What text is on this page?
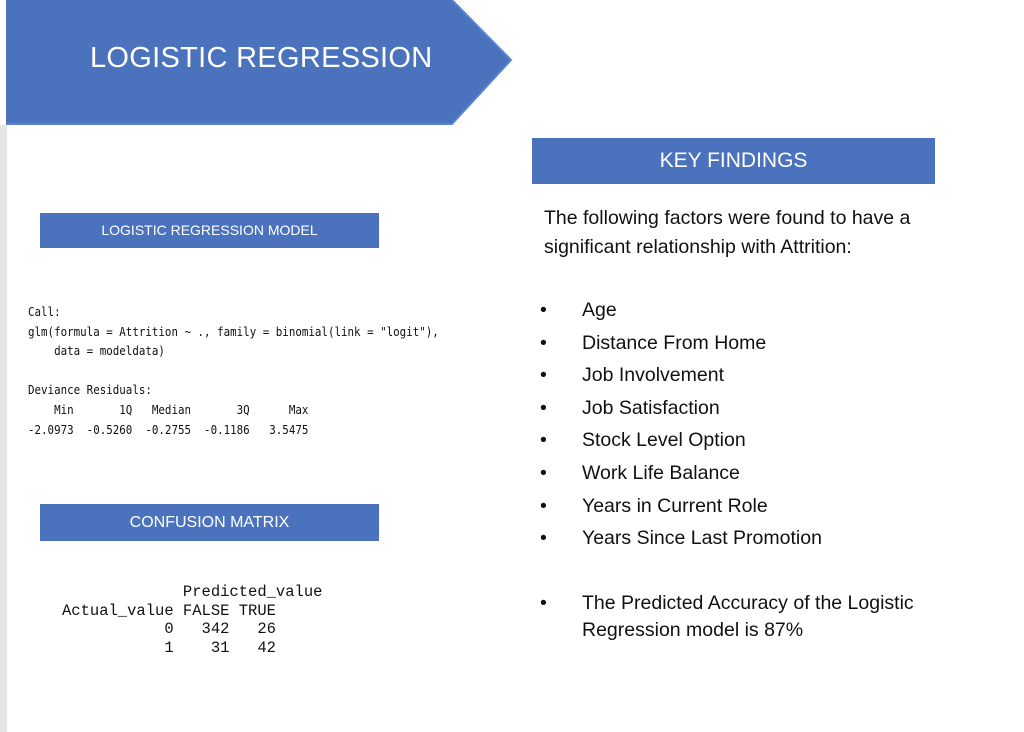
LOGISTIC REGRESSION
LOGISTIC REGRESSION MODEL
Call:
glm(formula = Attrition ~ ., family = binomial(link = "logit"),
data = modeldata)

Deviance Residuals:
Min       1Q   Median       3Q      Max
-2.0973  -0.5260  -0.2755  -0.1186   3.5475
CONFUSION MATRIX
Predicted_value
Actual_value FALSE TRUE
0   342   26
1    31   42
KEY FINDINGS
The following factors were found to have a significant relationship with Attrition:
•	Age
•	Distance From Home
•	Job Involvement
•	Job Satisfaction
•	Stock Level Option
•	Work Life Balance
•	Years in Current Role
•	Years Since Last Promotion
•	The Predicted Accuracy of the Logistic Regression model is 87%
